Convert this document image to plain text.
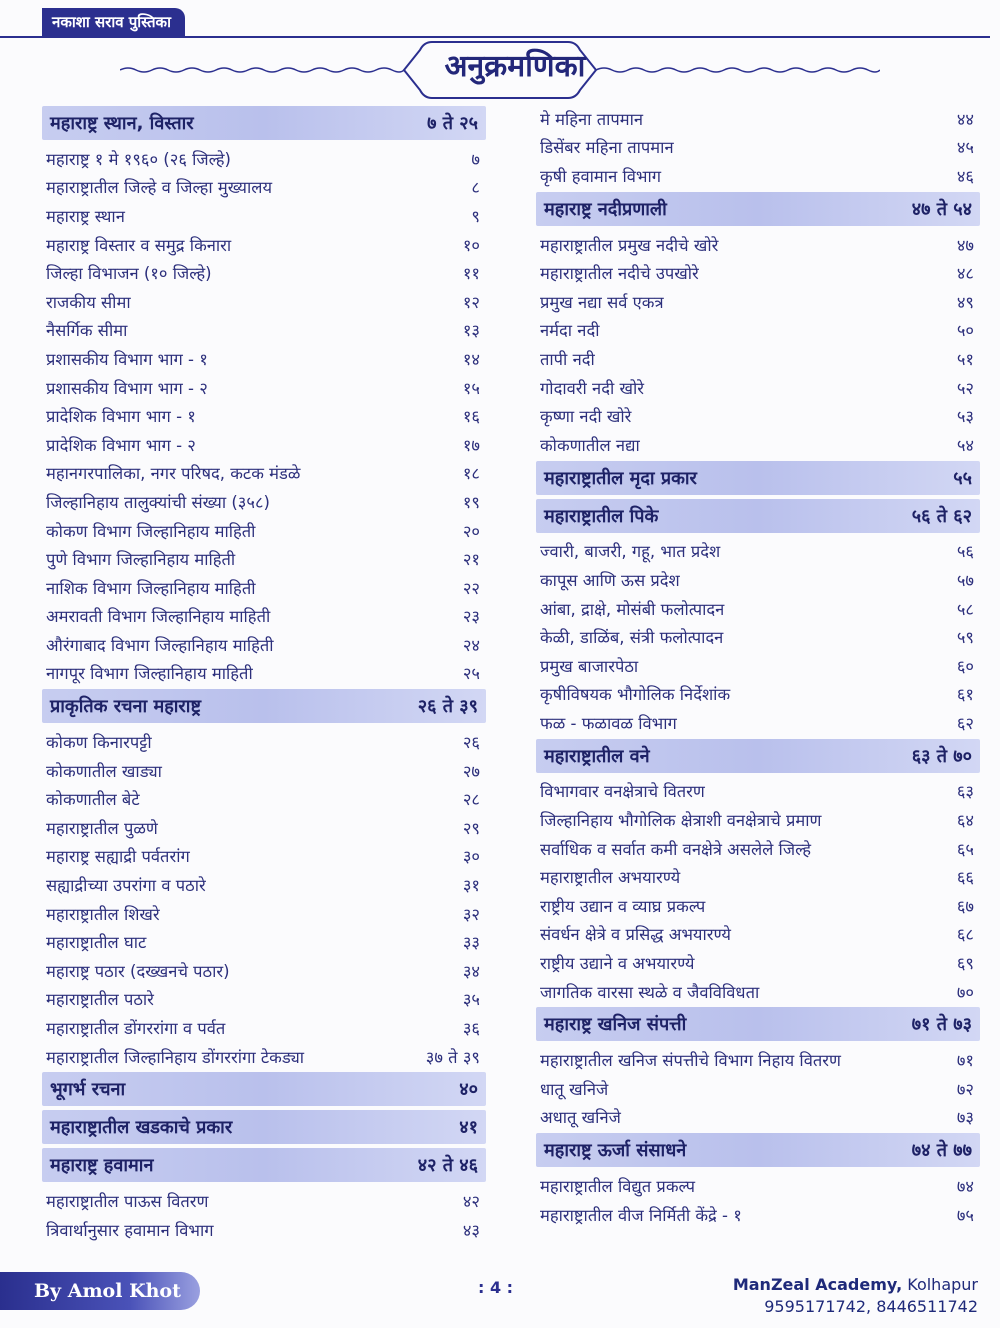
नकाशा सराव पुस्तिका
अनुक्रमणिका
महाराष्ट्र स्थान, विस्तार	७ ते २५
महाराष्ट्र १ मे १९६० (२६ जिल्हे)	७
महाराष्ट्रातील जिल्हे व जिल्हा मुख्यालय	८
महाराष्ट्र स्थान	९
महाराष्ट्र विस्तार व समुद्र किनारा	१०
जिल्हा विभाजन (१० जिल्हे)	११
राजकीय सीमा	१२
नैसर्गिक सीमा	१३
प्रशासकीय विभाग भाग - १	१४
प्रशासकीय विभाग भाग - २	१५
प्रादेशिक विभाग भाग - १	१६
प्रादेशिक विभाग भाग - २	१७
महानगरपालिका, नगर परिषद, कटक मंडळे	१८
जिल्हानिहाय तालुक्यांची संख्या (३५८)	१९
कोकण विभाग जिल्हानिहाय माहिती	२०
पुणे विभाग जिल्हानिहाय माहिती	२१
नाशिक विभाग जिल्हानिहाय माहिती	२२
अमरावती विभाग जिल्हानिहाय माहिती	२३
औरंगाबाद विभाग जिल्हानिहाय माहिती	२४
नागपूर विभाग जिल्हानिहाय माहिती	२५
प्राकृतिक रचना महाराष्ट्र	२६ ते ३९
कोकण किनारपट्टी	२६
कोकणातील खाड्या	२७
कोकणातील बेटे	२८
महाराष्ट्रातील पुळणे	२९
महाराष्ट्र सह्याद्री पर्वतरांग	३०
सह्याद्रीच्या उपरांगा व पठारे	३१
महाराष्ट्रातील शिखरे	३२
महाराष्ट्रातील घाट	३३
महाराष्ट्र पठार (दख्खनचे पठार)	३४
महाराष्ट्रातील पठारे	३५
महाराष्ट्रातील डोंगररांगा व पर्वत	३६
महाराष्ट्रातील जिल्हानिहाय डोंगररांगा टेकड्या	३७ ते ३९
भूगर्भ रचना	४०
महाराष्ट्रातील खडकाचे प्रकार	४१
महाराष्ट्र हवामान	४२ ते ४६
महाराष्ट्रातील पाऊस वितरण	४२
त्रिवार्थानुसार हवामान विभाग	४३
मे महिना तापमान	४४
डिसेंबर महिना तापमान	४५
कृषी हवामान विभाग	४६
महाराष्ट्र नदीप्रणाली	४७ ते ५४
महाराष्ट्रातील प्रमुख नदीचे खोरे	४७
महाराष्ट्रातील नदीचे उपखोरे	४८
प्रमुख नद्या सर्व एकत्र	४९
नर्मदा नदी	५०
तापी नदी	५१
गोदावरी नदी खोरे	५२
कृष्णा नदी खोरे	५३
कोकणातील नद्या	५४
महाराष्ट्रातील मृदा प्रकार	५५
महाराष्ट्रातील पिके	५६ ते ६२
ज्वारी, बाजरी, गहू, भात प्रदेश	५६
कापूस आणि ऊस प्रदेश	५७
आंबा, द्राक्षे, मोसंबी फलोत्पादन	५८
केळी, डाळिंब, संत्री फलोत्पादन	५९
प्रमुख बाजारपेठा	६०
कृषीविषयक भौगोलिक निर्देशांक	६१
फळ - फळावळ विभाग	६२
महाराष्ट्रातील वने	६३ ते ७०
विभागवार वनक्षेत्राचे वितरण	६३
जिल्हानिहाय भौगोलिक क्षेत्राशी वनक्षेत्राचे प्रमाण	६४
सर्वाधिक व सर्वात कमी वनक्षेत्रे असलेले जिल्हे	६५
महाराष्ट्रातील अभयारण्ये	६६
राष्ट्रीय उद्यान व व्याघ्र प्रकल्प	६७
संवर्धन क्षेत्रे व प्रसिद्ध अभयारण्ये	६८
राष्ट्रीय उद्याने व अभयारण्ये	६९
जागतिक वारसा स्थळे व जैवविविधता	७०
महाराष्ट्र खनिज संपत्ती	७१ ते ७३
महाराष्ट्रातील खनिज संपत्तीचे विभाग निहाय वितरण	७१
धातू खनिजे	७२
अधातू खनिजे	७३
महाराष्ट्र ऊर्जा संसाधने	७४ ते ७७
महाराष्ट्रातील विद्युत प्रकल्प	७४
महाराष्ट्रातील वीज निर्मिती केंद्रे - १	७५
By Amol Khot	: 4 :	ManZeal Academy, Kolhapur
9595171742, 8446511742
